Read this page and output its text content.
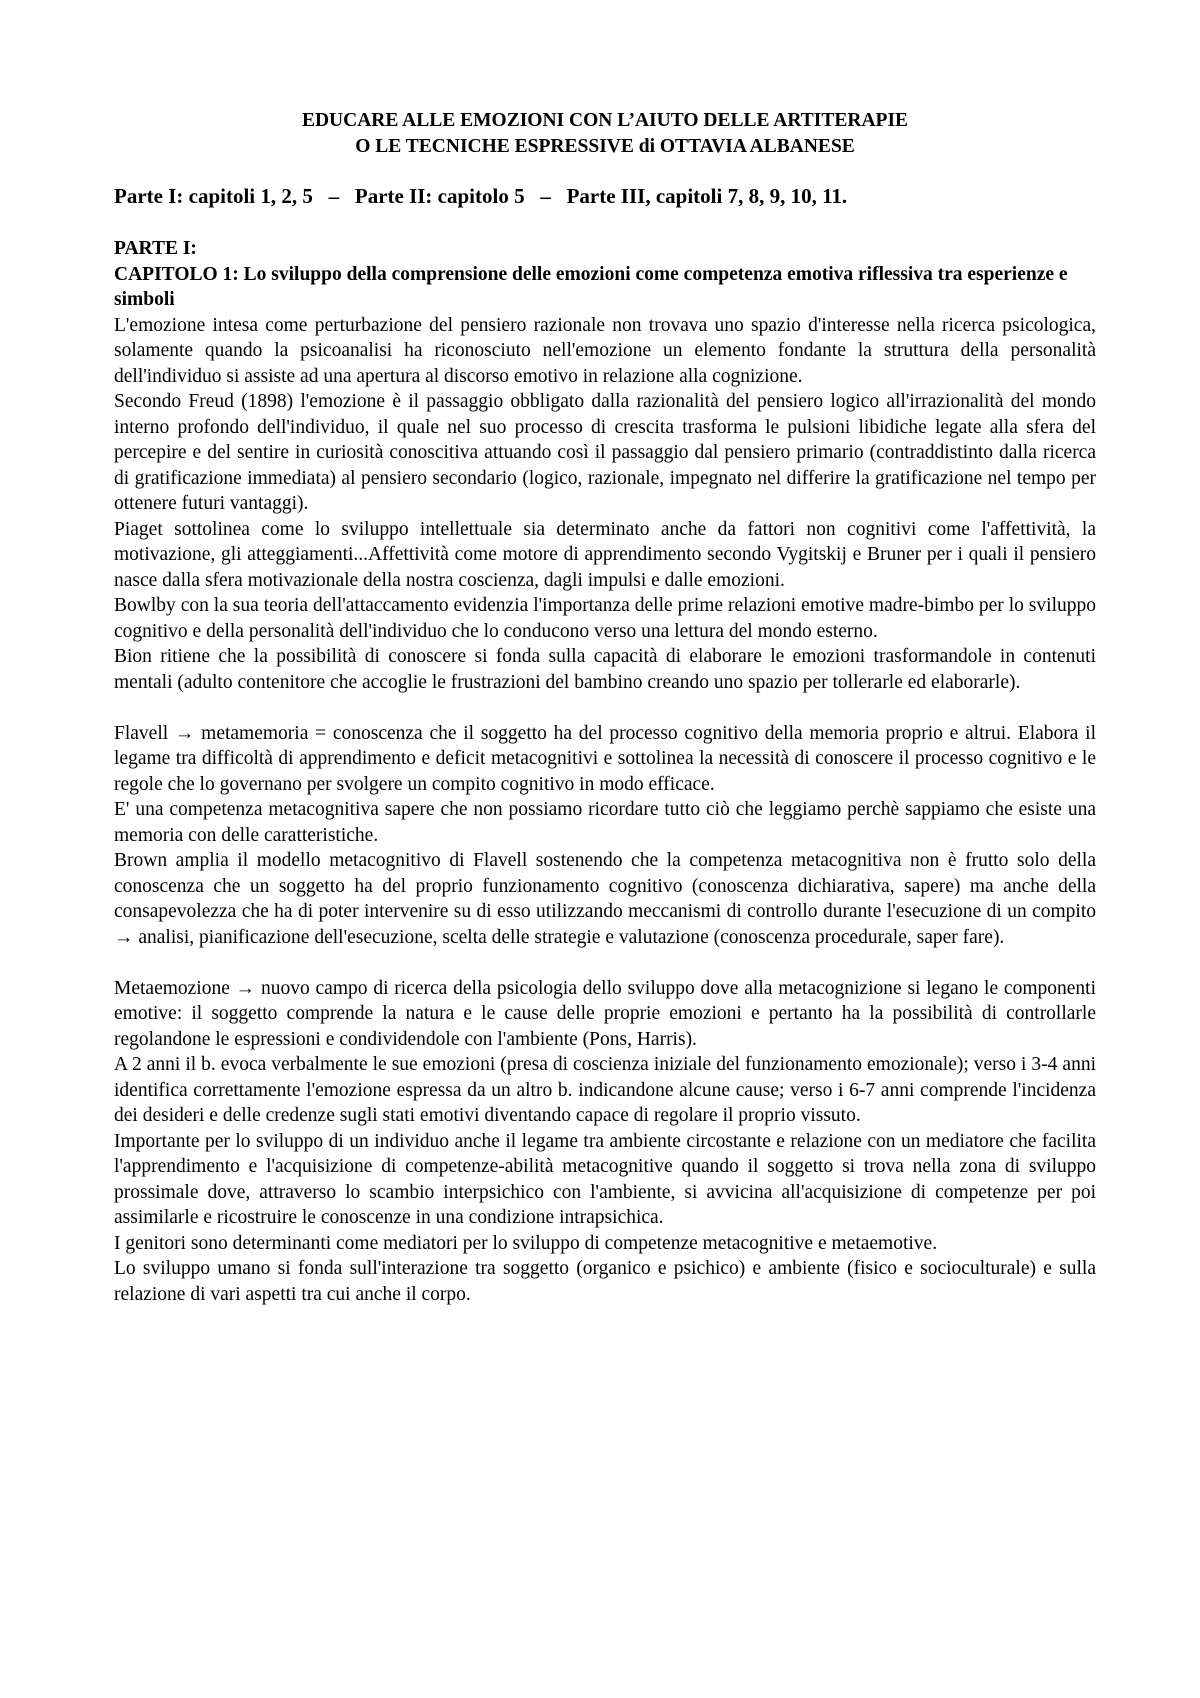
EDUCARE ALLE EMOZIONI CON L’AIUTO DELLE ARTITERAPIE
O LE TECNICHE ESPRESSIVE di OTTAVIA ALBANESE
Parte I: capitoli 1, 2, 5   –   Parte II: capitolo 5   –   Parte III, capitoli 7, 8, 9, 10, 11.
PARTE I:
CAPITOLO 1: Lo sviluppo della comprensione delle emozioni come competenza emotiva riflessiva tra esperienze e simboli

L'emozione intesa come perturbazione del pensiero razionale non trovava uno spazio d'interesse nella ricerca psicologica, solamente quando la psicoanalisi ha riconosciuto nell'emozione un elemento fondante la struttura della personalità dell'individuo si assiste ad una apertura al discorso emotivo in relazione alla cognizione.

Secondo Freud (1898) l'emozione è il passaggio obbligato dalla razionalità del pensiero logico all'irrazionalità del mondo interno profondo dell'individuo, il quale nel suo processo di crescita trasforma le pulsioni libidiche legate alla sfera del percepire e del sentire in curiosità conoscitiva attuando così il passaggio dal pensiero primario (contraddistinto dalla ricerca di gratificazione immediata) al pensiero secondario (logico, razionale, impegnato nel differire la gratificazione nel tempo per ottenere futuri vantaggi).

Piaget sottolinea come lo sviluppo intellettuale sia determinato anche da fattori non cognitivi come l'affettività, la motivazione, gli atteggiamenti...Affettività come motore di apprendimento secondo Vygitskij e Bruner per i quali il pensiero nasce dalla sfera motivazionale della nostra coscienza, dagli impulsi e dalle emozioni.

Bowlby con la sua teoria dell'attaccamento evidenzia l'importanza delle prime relazioni emotive madre-bimbo per lo sviluppo cognitivo e della personalità dell'individuo che lo conducono verso una lettura del mondo esterno.

Bion ritiene che la possibilità di conoscere si fonda sulla capacità di elaborare le emozioni trasformandole in contenuti mentali (adulto contenitore che accoglie le frustrazioni del bambino creando uno spazio per tollerarle ed elaborarle).

Flavell → metamemoria = conoscenza che il soggetto ha del processo cognitivo della memoria proprio e altrui. Elabora il legame tra difficoltà di apprendimento e deficit metacognitivi e sottolinea la necessità di conoscere il processo cognitivo e le regole che lo governano per svolgere un compito cognitivo in modo efficace.

E' una competenza metacognitiva sapere che non possiamo ricordare tutto ciò che leggiamo perchè sappiamo che esiste una memoria con delle caratteristiche.

Brown amplia il modello metacognitivo di Flavell sostenendo che la competenza metacognitiva non è frutto solo della conoscenza che un soggetto ha del proprio funzionamento cognitivo (conoscenza dichiarativa, sapere) ma anche della consapevolezza che ha di poter intervenire su di esso utilizzando meccanismi di controllo durante l'esecuzione di un compito → analisi, pianificazione dell'esecuzione, scelta delle strategie e valutazione (conoscenza procedurale, saper fare).

Metaemozione → nuovo campo di ricerca della psicologia dello sviluppo dove alla metacognizione si legano le componenti emotive: il soggetto comprende la natura e le cause delle proprie emozioni e pertanto ha la possibilità di controllarle regolandone le espressioni e condividendole con l'ambiente (Pons, Harris).

A 2 anni il b. evoca verbalmente le sue emozioni (presa di coscienza iniziale del funzionamento emozionale); verso i 3-4 anni identifica correttamente l'emozione espressa da un altro b. indicandone alcune cause; verso i 6-7 anni comprende l'incidenza dei desideri e delle credenze sugli stati emotivi diventando capace di regolare il proprio vissuto.

Importante per lo sviluppo di un individuo anche il legame tra ambiente circostante e relazione con un mediatore che facilita l'apprendimento e l'acquisizione di competenze-abilità metacognitive quando il soggetto si trova nella zona di sviluppo prossimale dove, attraverso lo scambio interpsichico con l'ambiente, si avvicina all'acquisizione di competenze per poi assimilarle e ricostruire le conoscenze in una condizione intrapsichica.

I genitori sono determinanti come mediatori per lo sviluppo di competenze metacognitive e metaemotive.

Lo sviluppo umano si fonda sull'interazione tra soggetto (organico e psichico) e ambiente (fisico e socioculturale) e sulla relazione di vari aspetti tra cui anche il corpo.
